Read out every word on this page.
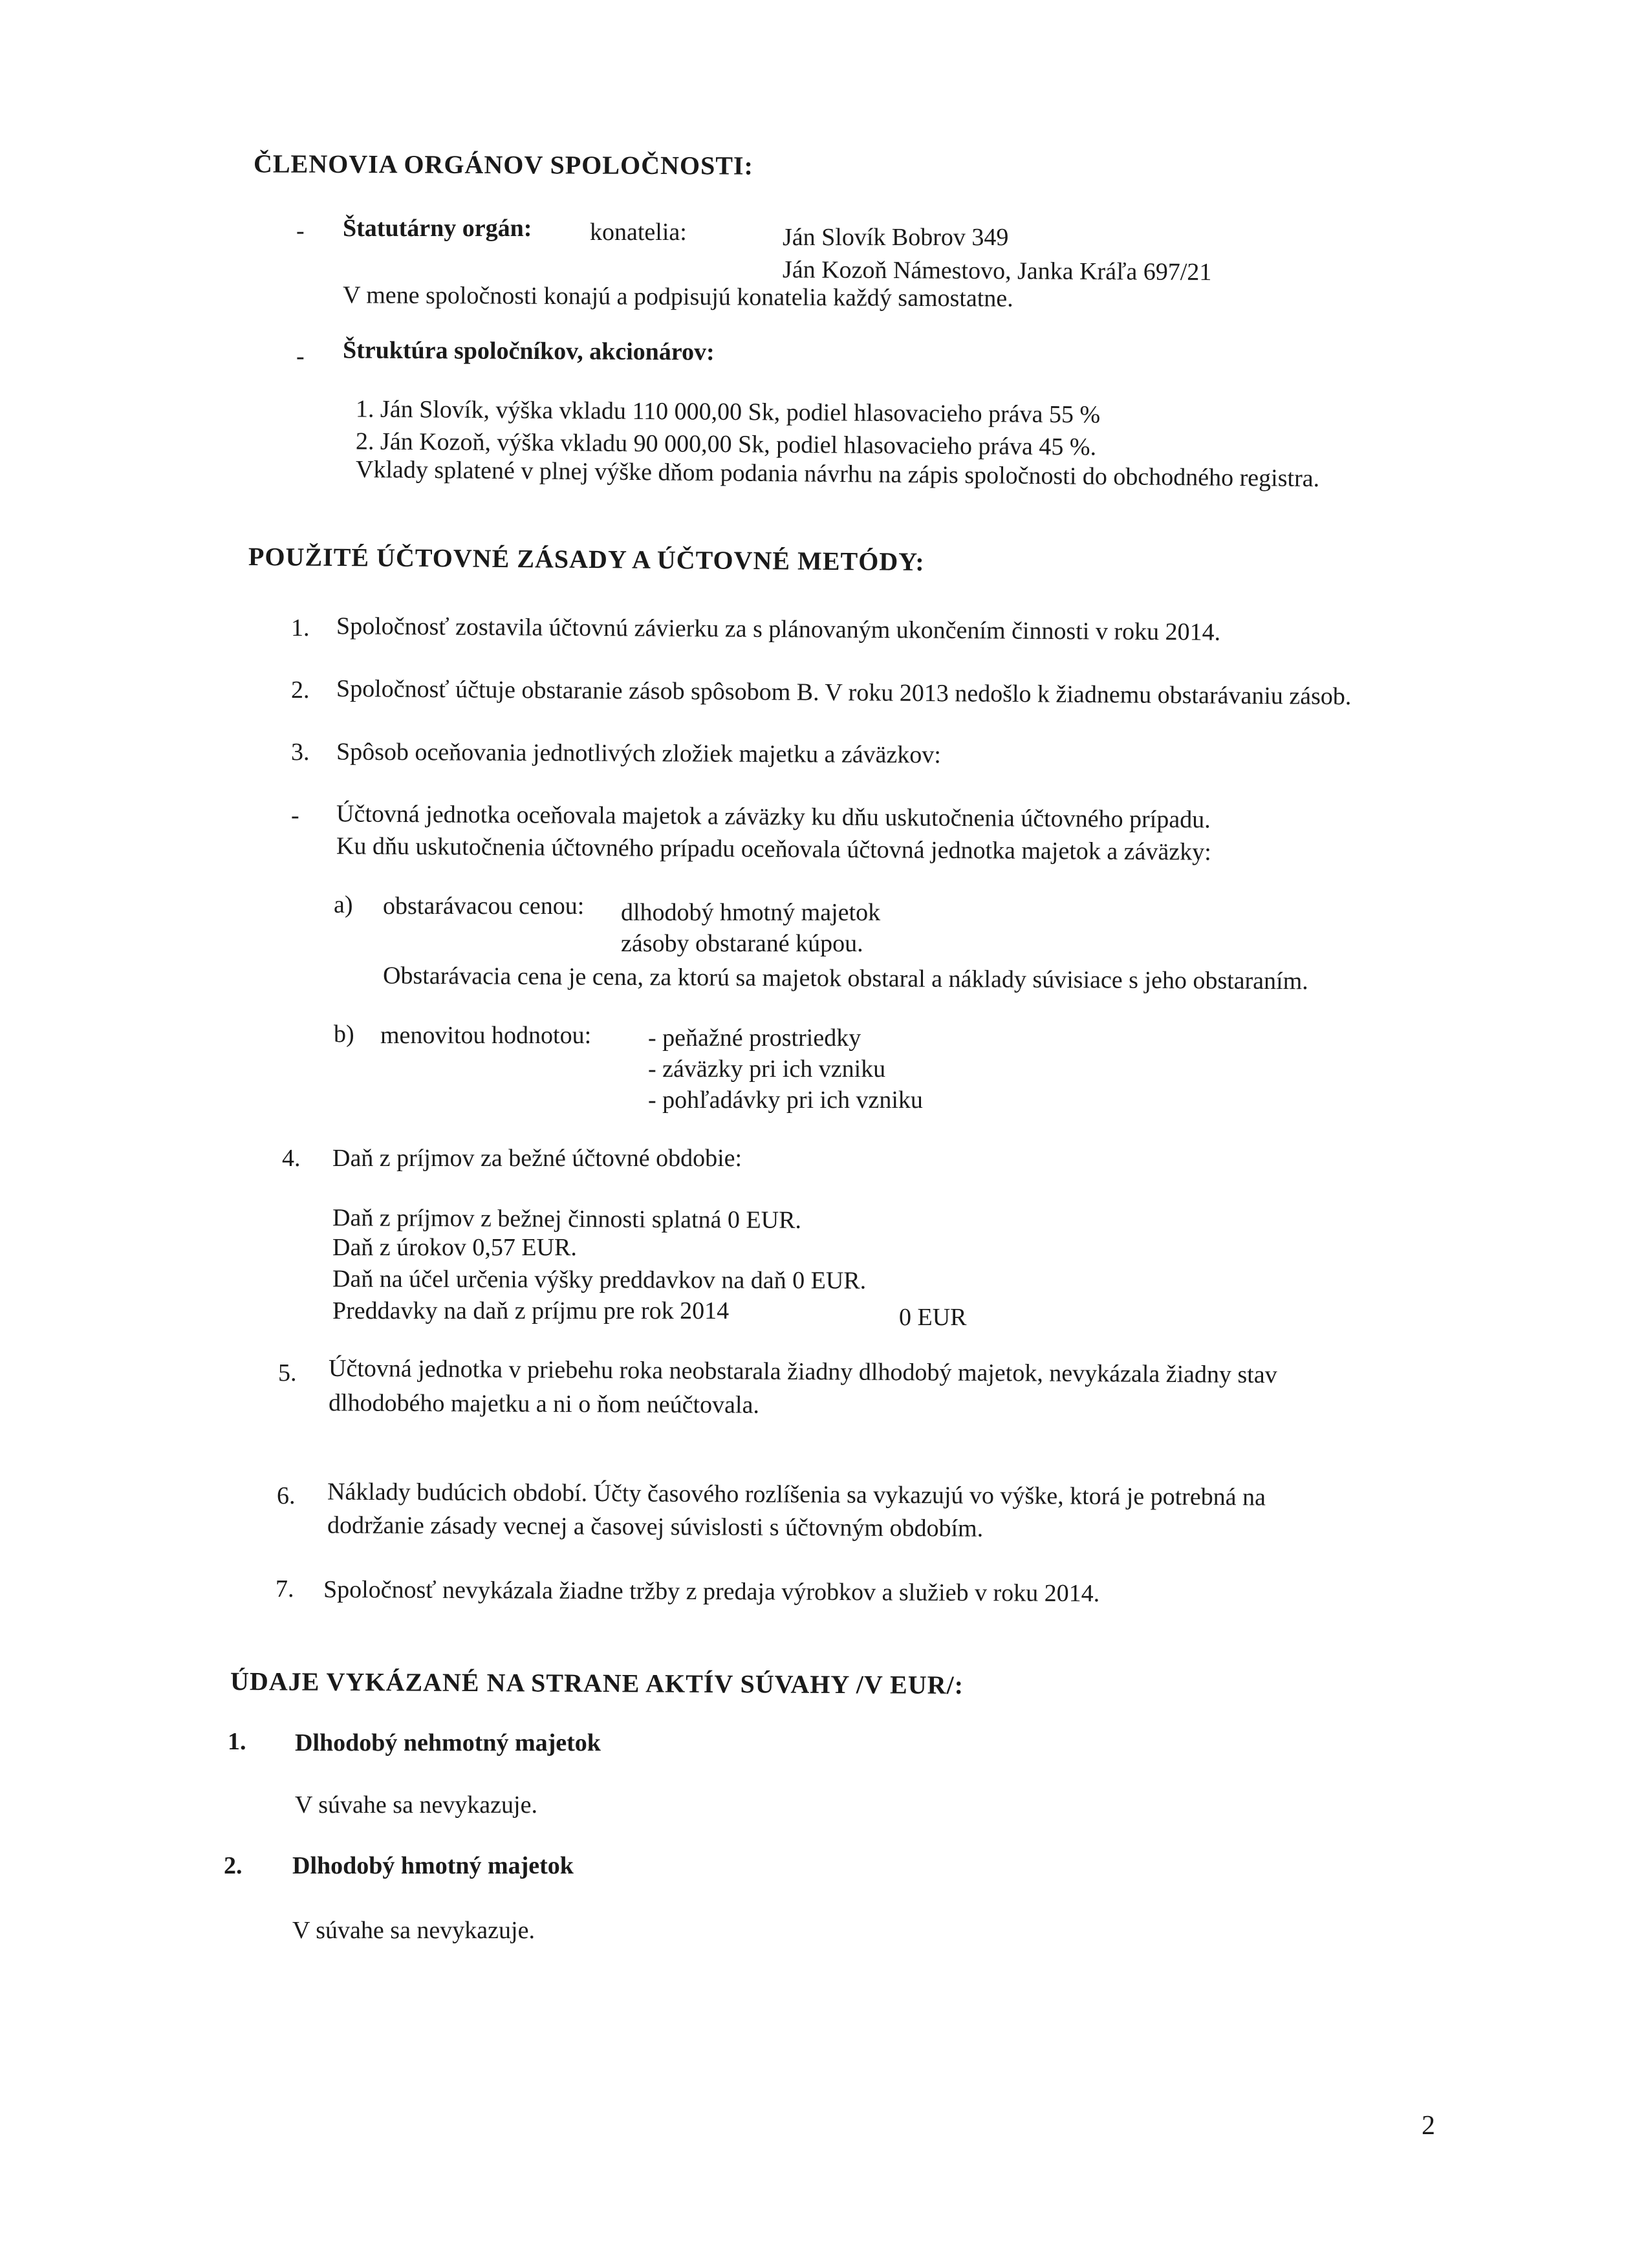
ČLENOVIA ORGÁNOV SPOLOČNOSTI:
- Štatutárny orgán: konatelia:	Ján Slovík Bobrov 349
Ján Kozoň Námestovo, Janka Kráľa 697/21
V mene spoločnosti konajú a podpisujú konatelia každý samostatne.
- Štruktúra spoločníkov, akcionárov:
1. Ján Slovík, výška vkladu 110 000,00 Sk, podiel hlasovacieho práva 55 %
2. Ján Kozoň, výška vkladu 90 000,00 Sk, podiel hlasovacieho práva 45 %.
Vklady splatené v plnej výške dňom podania návrhu na zápis spoločnosti do obchodného registra.
POUŽITÉ ÚČTOVNÉ ZÁSADY A ÚČTOVNÉ METÓDY:
1. Spoločnosť zostavila účtovnú závierku za s plánovaným ukončením činnosti v roku 2014.
2. Spoločnosť účtuje obstaranie zásob spôsobom B. V roku 2013 nedošlo k žiadnemu obstarávaniu zásob.
3. Spôsob oceňovania jednotlivých zložiek majetku a záväzkov:
- Účtovná jednotka oceňovala majetok a záväzky ku dňu uskutočnenia účtovného prípadu.
Ku dňu uskutočnenia účtovného prípadu oceňovala účtovná jednotka majetok a záväzky:
a) obstarávacou cenou: dlhodobý hmotný majetok
zásoby obstarané kúpou.
Obstarávacia cena je cena, za ktorú sa majetok obstaral a náklady súvisiace s jeho obstaraním.
b) menovitou hodnotou: - peňažné prostriedky
- záväzky pri ich vzniku
- pohľadávky pri ich vzniku
4. Daň z príjmov za bežné účtovné obdobie:
Daň z príjmov z bežnej činnosti splatná 0 EUR.
Daň z úrokov 0,57 EUR.
Daň na účel určenia výšky preddavkov na daň 0 EUR.
Preddavky na daň z príjmu pre rok 2014	0 EUR
5. Účtovná jednotka v priebehu roka neobstarala žiadny dlhodobý majetok, nevykázala žiadny stav
dlhodobého majetku a ni o ňom neúčtovala.
6. Náklady budúcich období. Účty časového rozlíšenia sa vykazujú vo výške, ktorá je potrebná na
dodržanie zásady vecnej a časovej súvislosti s účtovným obdobím.
7. Spoločnosť nevykázala žiadne tržby z predaja výrobkov a služieb v roku 2014.
ÚDAJE VYKÁZANÉ NA STRANE AKTÍV SÚVAHY /V EUR/:
1. Dlhodobý nehmotný majetok
V súvahe sa nevykazuje.
2. Dlhodobý hmotný majetok
V súvahe sa nevykazuje.
2
